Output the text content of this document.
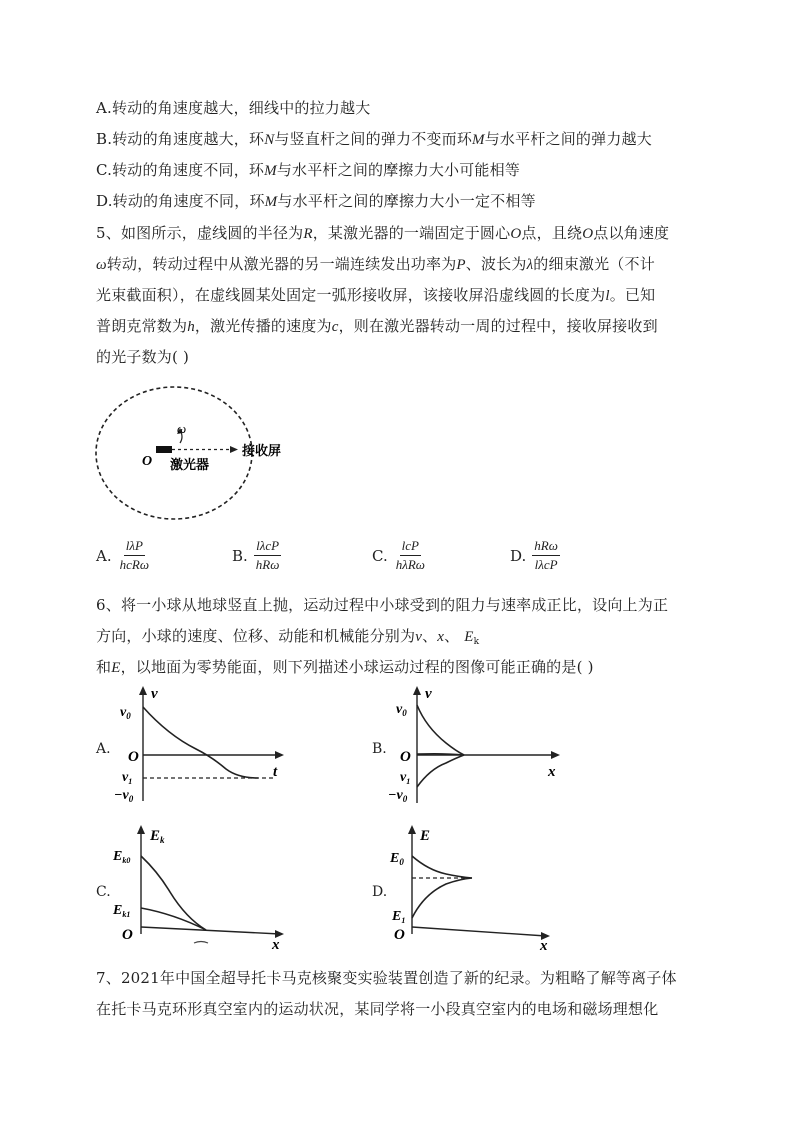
A.转动的角速度越大，细线中的拉力越大
B.转动的角速度越大，环N与竖直杆之间的弹力不变而环M与水平杆之间的弹力越大
C.转动的角速度不同，环M与水平杆之间的摩擦力大小可能相等
D.转动的角速度不同，环M与水平杆之间的摩擦力大小一定不相等
5、如图所示，虚线圆的半径为R，某激光器的一端固定于圆心O点，且绕O点以角速度
ω转动，转动过程中从激光器的另一端连续发出功率为P、波长为λ的细束激光（不计
光束截面积），在虚线圆某处固定一弧形接收屏，该接收屏沿虚线圆的长度为l。已知
普朗克常数为h，激光传播的速度为c，则在激光器转动一周的过程中，接收屏接收到
的光子数为( )
ω
O 激光器
接收屏
A. $\frac{\text{lλP}}{\text{hcRω}}$	B. $\frac{\text{lλcP}}{\text{hRω}}$	C. $\frac{\text{lcP}}{\text{hλRω}}$	D. $\frac{\text{hRω}}{\text{lλcP}}$
6、将一小球从地球竖直上抛，运动过程中小球受到的阻力与速率成正比，设向上为正
方向，小球的速度、位移、动能和机械能分别为v、x、 $E_k$
和E，以地面为零势能面，则下列描述小球运动过程的图像可能正确的是( )
A.
v
t
$v_0$
O
$v_1$
$-v_0$
B.
v
x
$v_0$
O
$v_1$
$-v_0$
C.
$E_k$
x
$E_{k0}$
$E_{k1}$
O
D.
E
x
$E_0$
$E_1$
O
7、2021年中国全超导托卡马克核聚变实验装置创造了新的纪录。为粗略了解等离子体
在托卡马克环形真空室内的运动状况，某同学将一小段真空室内的电场和磁场理想化
